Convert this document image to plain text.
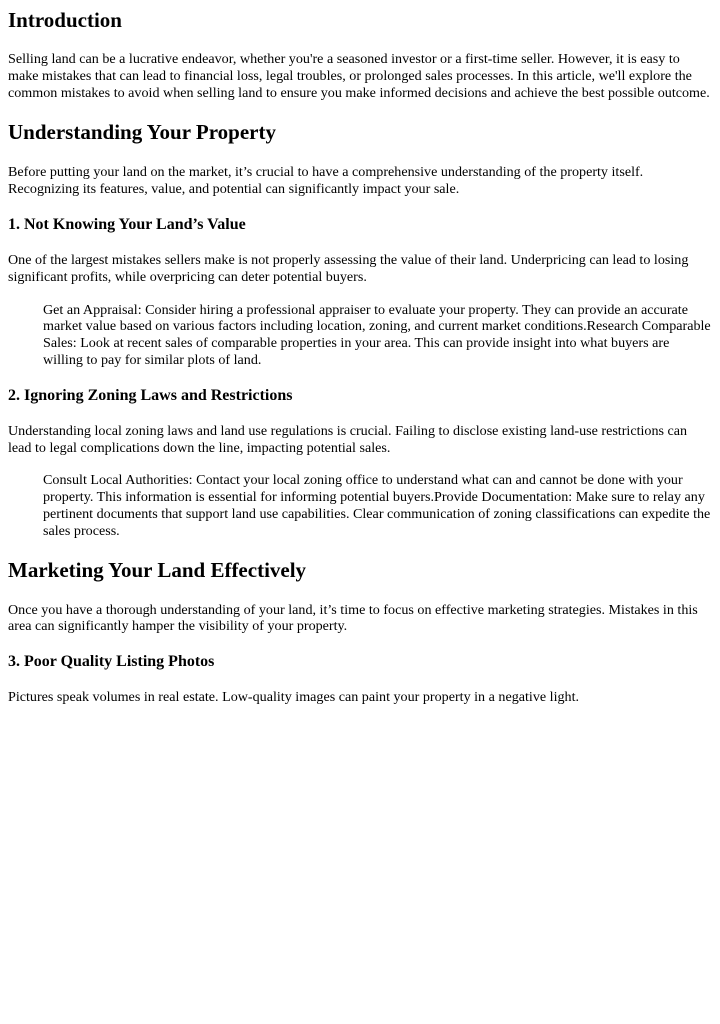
Introduction

Selling land can be a lucrative endeavor, whether you're a seasoned investor or a first-time seller. However, it is easy to make mistakes that can lead to financial loss, legal troubles, or prolonged sales processes. In this article, we'll explore the common mistakes to avoid when selling land to ensure you make informed decisions and achieve the best possible outcome.

Understanding Your Property

Before putting your land on the market, it’s crucial to have a comprehensive understanding of the property itself. Recognizing its features, value, and potential can significantly impact your sale.

1. Not Knowing Your Land’s Value

One of the largest mistakes sellers make is not properly assessing the value of their land. Underpricing can lead to losing significant profits, while overpricing can deter potential buyers.

Get an Appraisal: Consider hiring a professional appraiser to evaluate your property. They can provide an accurate market value based on various factors including location, zoning, and current market conditions.Research Comparable Sales: Look at recent sales of comparable properties in your area. This can provide insight into what buyers are willing to pay for similar plots of land.
2. Ignoring Zoning Laws and Restrictions

Understanding local zoning laws and land use regulations is crucial. Failing to disclose existing land-use restrictions can lead to legal complications down the line, impacting potential sales.

Consult Local Authorities: Contact your local zoning office to understand what can and cannot be done with your property. This information is essential for informing potential buyers.Provide Documentation: Make sure to relay any pertinent documents that support land use capabilities. Clear communication of zoning classifications can expedite the sales process.
Marketing Your Land Effectively

Once you have a thorough understanding of your land, it’s time to focus on effective marketing strategies. Mistakes in this area can significantly hamper the visibility of your property.

3. Poor Quality Listing Photos

Pictures speak volumes in real estate. Low-quality images can paint your property in a negative light.
